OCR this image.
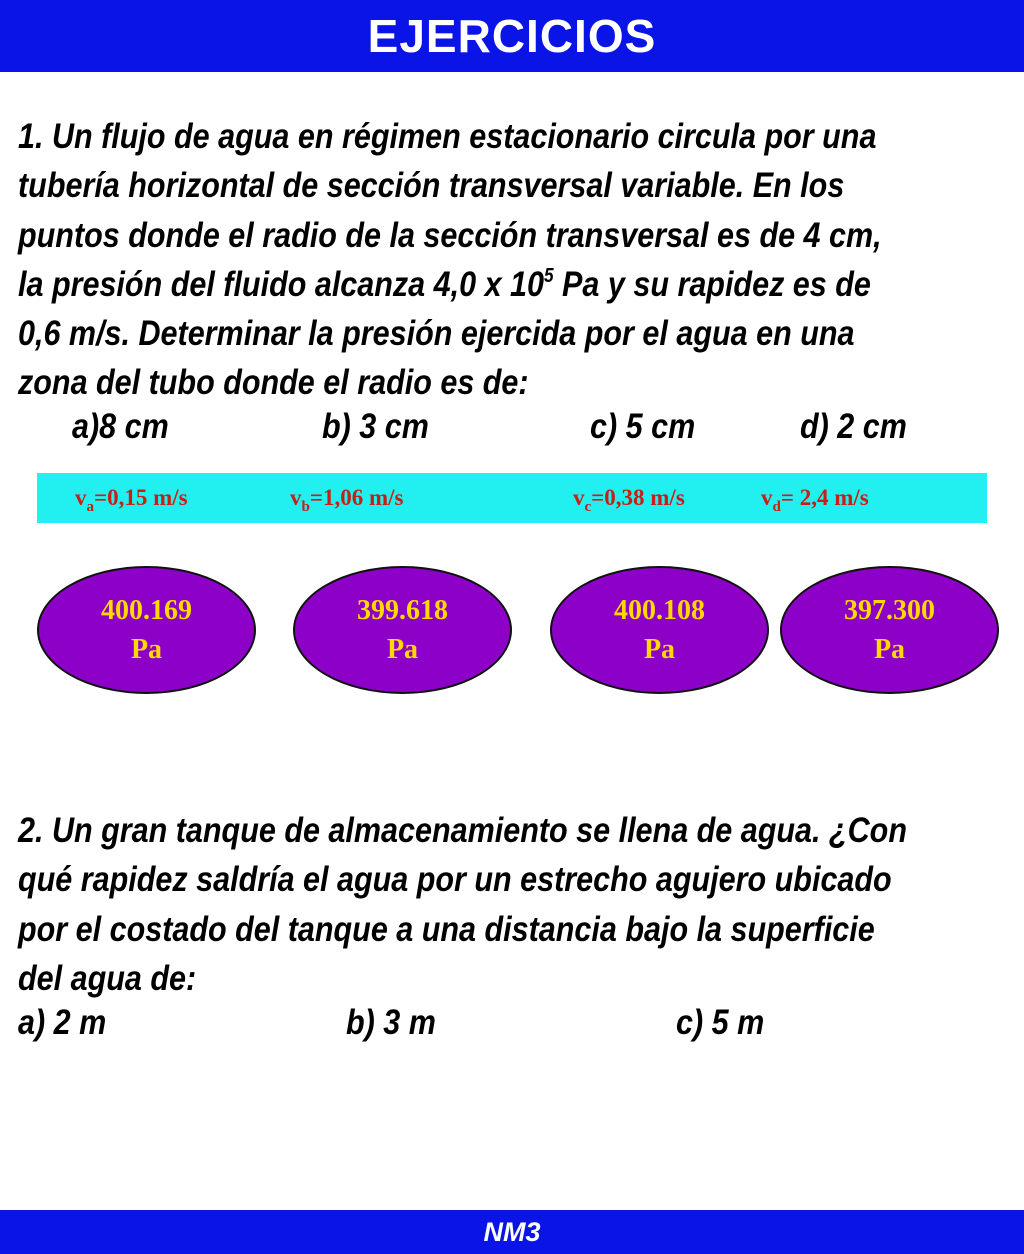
EJERCICIOS
1. Un flujo de agua en régimen estacionario circula por una
tubería horizontal de sección transversal variable. En los
puntos donde el radio de la sección transversal es de 4 cm,
la presión del fluido alcanza 4,0 x $10^5$ Pa y su rapidez es de
0,6 m/s. Determinar la presión ejercida por el agua en una
zona del tubo donde el radio es de:
a)8 cm	b) 3 cm	c) 5 cm	d) 2 cm
$v_a=0,15$ m/s	$v_b=1,06$ m/s	$v_c=0,38$ m/s	$v_d= 2,4$ m/s
400.169
Pa
399.618
Pa
400.108
Pa
397.300
Pa
2. Un gran tanque de almacenamiento se llena de agua. ¿Con
qué rapidez saldría el agua por un estrecho agujero ubicado
por el costado del tanque a una distancia bajo la superficie
del agua de:
a) 2 m	b) 3 m	c) 5 m
NM3
